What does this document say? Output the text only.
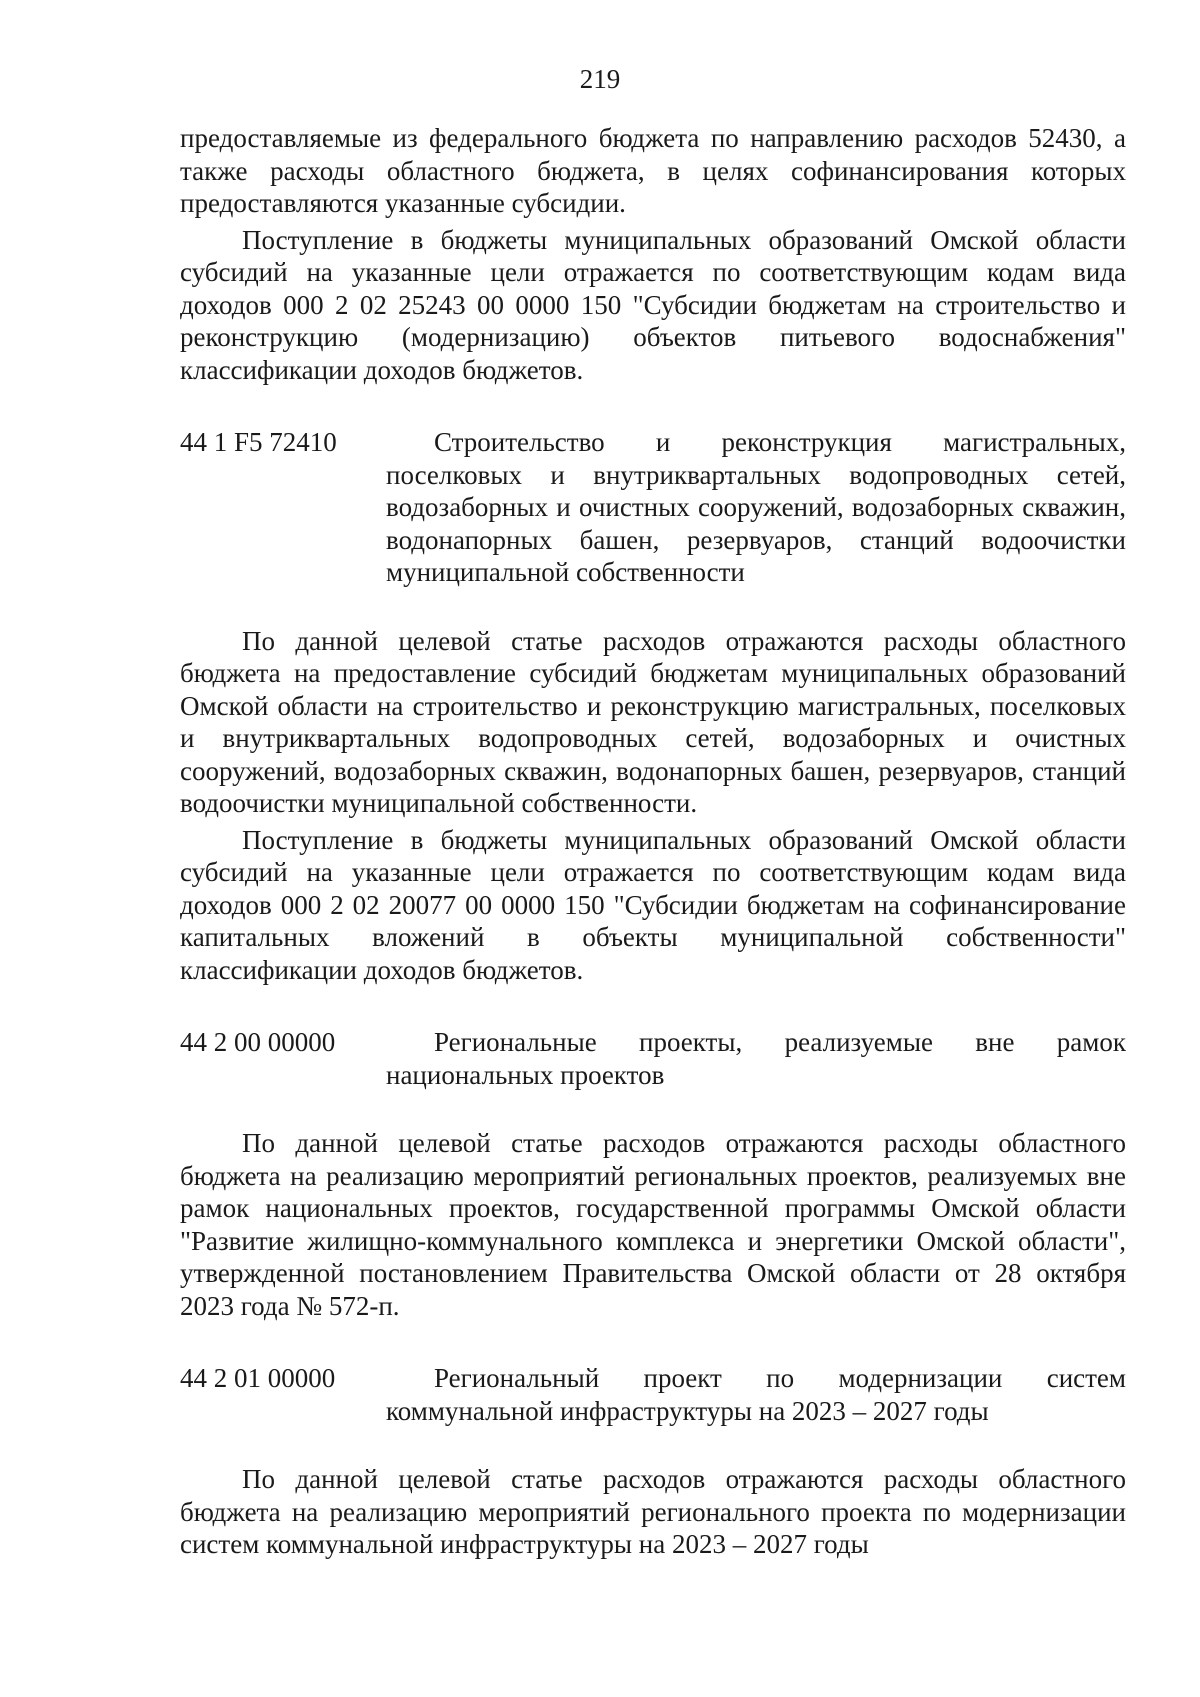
219

предоставляемые из федерального бюджета по направлению расходов 52430, а также расходы областного бюджета, в целях софинансирования которых предоставляются указанные субсидии.

Поступление в бюджеты муниципальных образований Омской области субсидий на указанные цели отражается по соответствующим кодам вида доходов 000 2 02 25243 00 0000 150 "Субсидии бюджетам на строительство и реконструкцию (модернизацию) объектов питьевого водоснабжения" классификации доходов бюджетов.

44 1 F5 72410	Строительство и реконструкция магистральных, поселковых и внутриквартальных водопроводных сетей, водозаборных и очистных сооружений, водозаборных скважин, водонапорных башен, резервуаров, станций водоочистки муниципальной собственности

По данной целевой статье расходов отражаются расходы областного бюджета на предоставление субсидий бюджетам муниципальных образований Омской области на строительство и реконструкцию магистральных, поселковых и внутриквартальных водопроводных сетей, водозаборных и очистных сооружений, водозаборных скважин, водонапорных башен, резервуаров, станций водоочистки муниципальной собственности.

Поступление в бюджеты муниципальных образований Омской области субсидий на указанные цели отражается по соответствующим кодам вида доходов 000 2 02 20077 00 0000 150 "Субсидии бюджетам на софинансирование капитальных вложений в объекты муниципальной собственности" классификации доходов бюджетов.

44 2 00 00000	Региональные проекты, реализуемые вне рамок национальных проектов

По данной целевой статье расходов отражаются расходы областного бюджета на реализацию мероприятий региональных проектов, реализуемых вне рамок национальных проектов, государственной программы Омской области "Развитие жилищно-коммунального комплекса и энергетики Омской области", утвержденной постановлением Правительства Омской области от 28 октября 2023 года № 572-п.

44 2 01 00000	Региональный проект по модернизации систем коммунальной инфраструктуры на 2023 – 2027 годы

По данной целевой статье расходов отражаются расходы областного бюджета на реализацию мероприятий регионального проекта по модернизации систем коммунальной инфраструктуры на 2023 – 2027 годы
